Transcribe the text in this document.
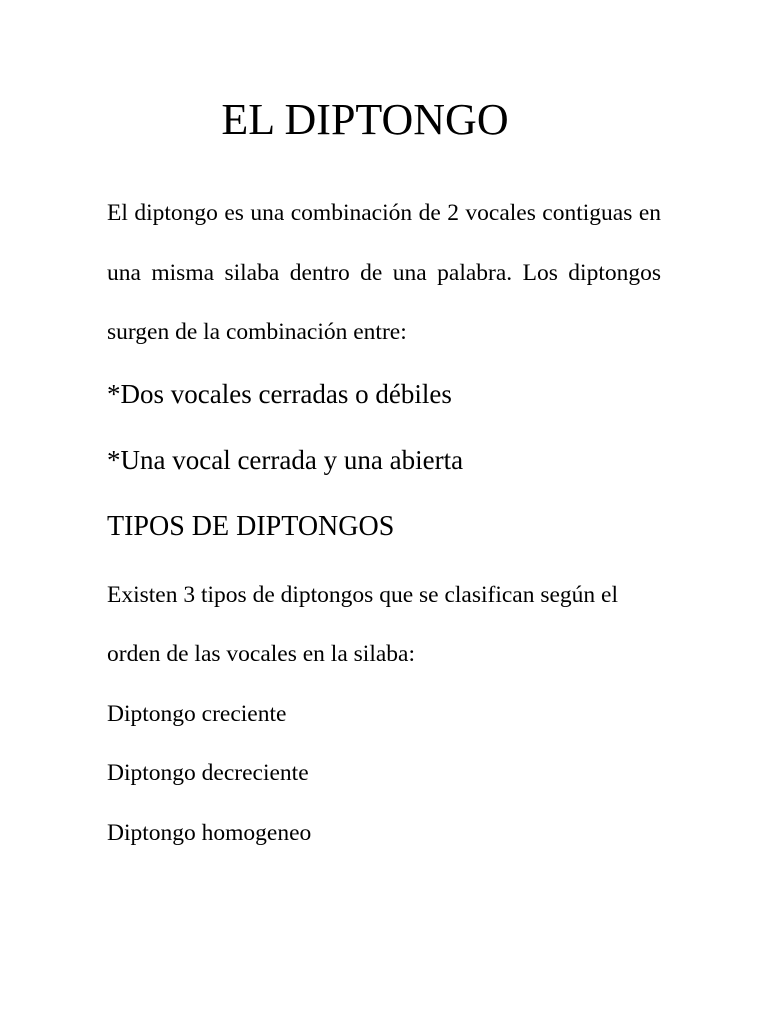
EL DIPTONGO

El diptongo es una combinación de 2 vocales contiguas en una misma silaba dentro de una palabra. Los diptongos surgen de la combinación entre:

*Dos vocales cerradas o débiles

*Una vocal cerrada y una abierta

TIPOS DE DIPTONGOS

Existen 3 tipos de diptongos que se clasifican según el

orden de las vocales en la silaba:

Diptongo creciente

Diptongo decreciente

Diptongo homogeneo
